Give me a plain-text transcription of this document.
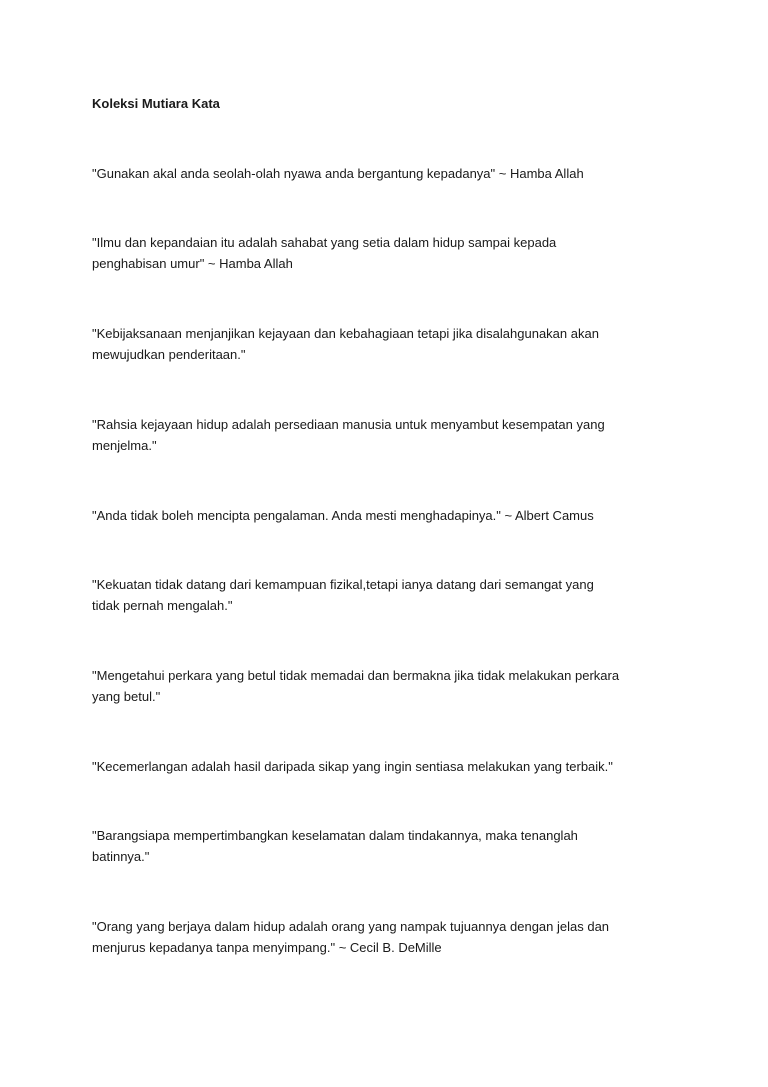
Koleksi Mutiara Kata

"Gunakan akal anda seolah-olah nyawa anda bergantung kepadanya" ~ Hamba Allah

"Ilmu dan kepandaian itu adalah sahabat yang setia dalam hidup sampai kepada
penghabisan umur" ~ Hamba Allah

"Kebijaksanaan menjanjikan kejayaan dan kebahagiaan tetapi jika disalahgunakan akan
mewujudkan penderitaan."

"Rahsia kejayaan hidup adalah persediaan manusia untuk menyambut kesempatan yang
menjelma."

"Anda tidak boleh mencipta pengalaman. Anda mesti menghadapinya." ~ Albert Camus

"Kekuatan tidak datang dari kemampuan fizikal,tetapi ianya datang dari semangat yang
tidak pernah mengalah."

"Mengetahui perkara yang betul tidak memadai dan bermakna jika tidak melakukan perkara
yang betul."

"Kecemerlangan adalah hasil daripada sikap yang ingin sentiasa melakukan yang terbaik."

"Barangsiapa mempertimbangkan keselamatan dalam tindakannya, maka tenanglah
batinnya."

"Orang yang berjaya dalam hidup adalah orang yang nampak tujuannya dengan jelas dan
menjurus kepadanya tanpa menyimpang." ~ Cecil B. DeMille
